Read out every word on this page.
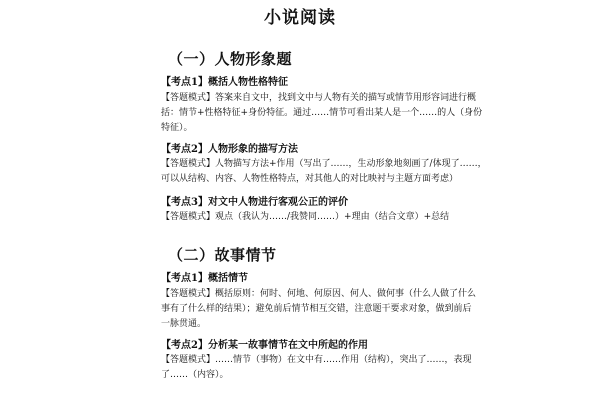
小说阅读
（一）人物形象题
【考点1】概括人物性格特征
【答题模式】答案来自文中，找到文中与人物有关的描写或情节用形容词进行概
括：情节+性格特征+身份特征。通过……情节可看出某人是一个……的人（身份
特征）。
【考点2】人物形象的描写方法
【答题模式】人物描写方法+作用（写出了……，生动形象地刻画了/体现了……，
可以从结构、内容、人物性格特点，对其他人的对比映衬与主题方面考虑）
【考点3】对文中人物进行客观公正的评价
【答题模式】观点（我认为……/我赞同……）+理由（结合文章）+总结
（二）故事情节
【考点1】概括情节
【答题模式】概括原则：何时、何地、何原因、何人、做何事（什么人做了什么
事有了什么样的结果）；避免前后情节相互交错，注意题干要求对象，做到前后
一脉贯通。
【考点2】分析某一故事情节在文中所起的作用
【答题模式】……情节（事物）在文中有……作用（结构），突出了……，表现
了……（内容）。
